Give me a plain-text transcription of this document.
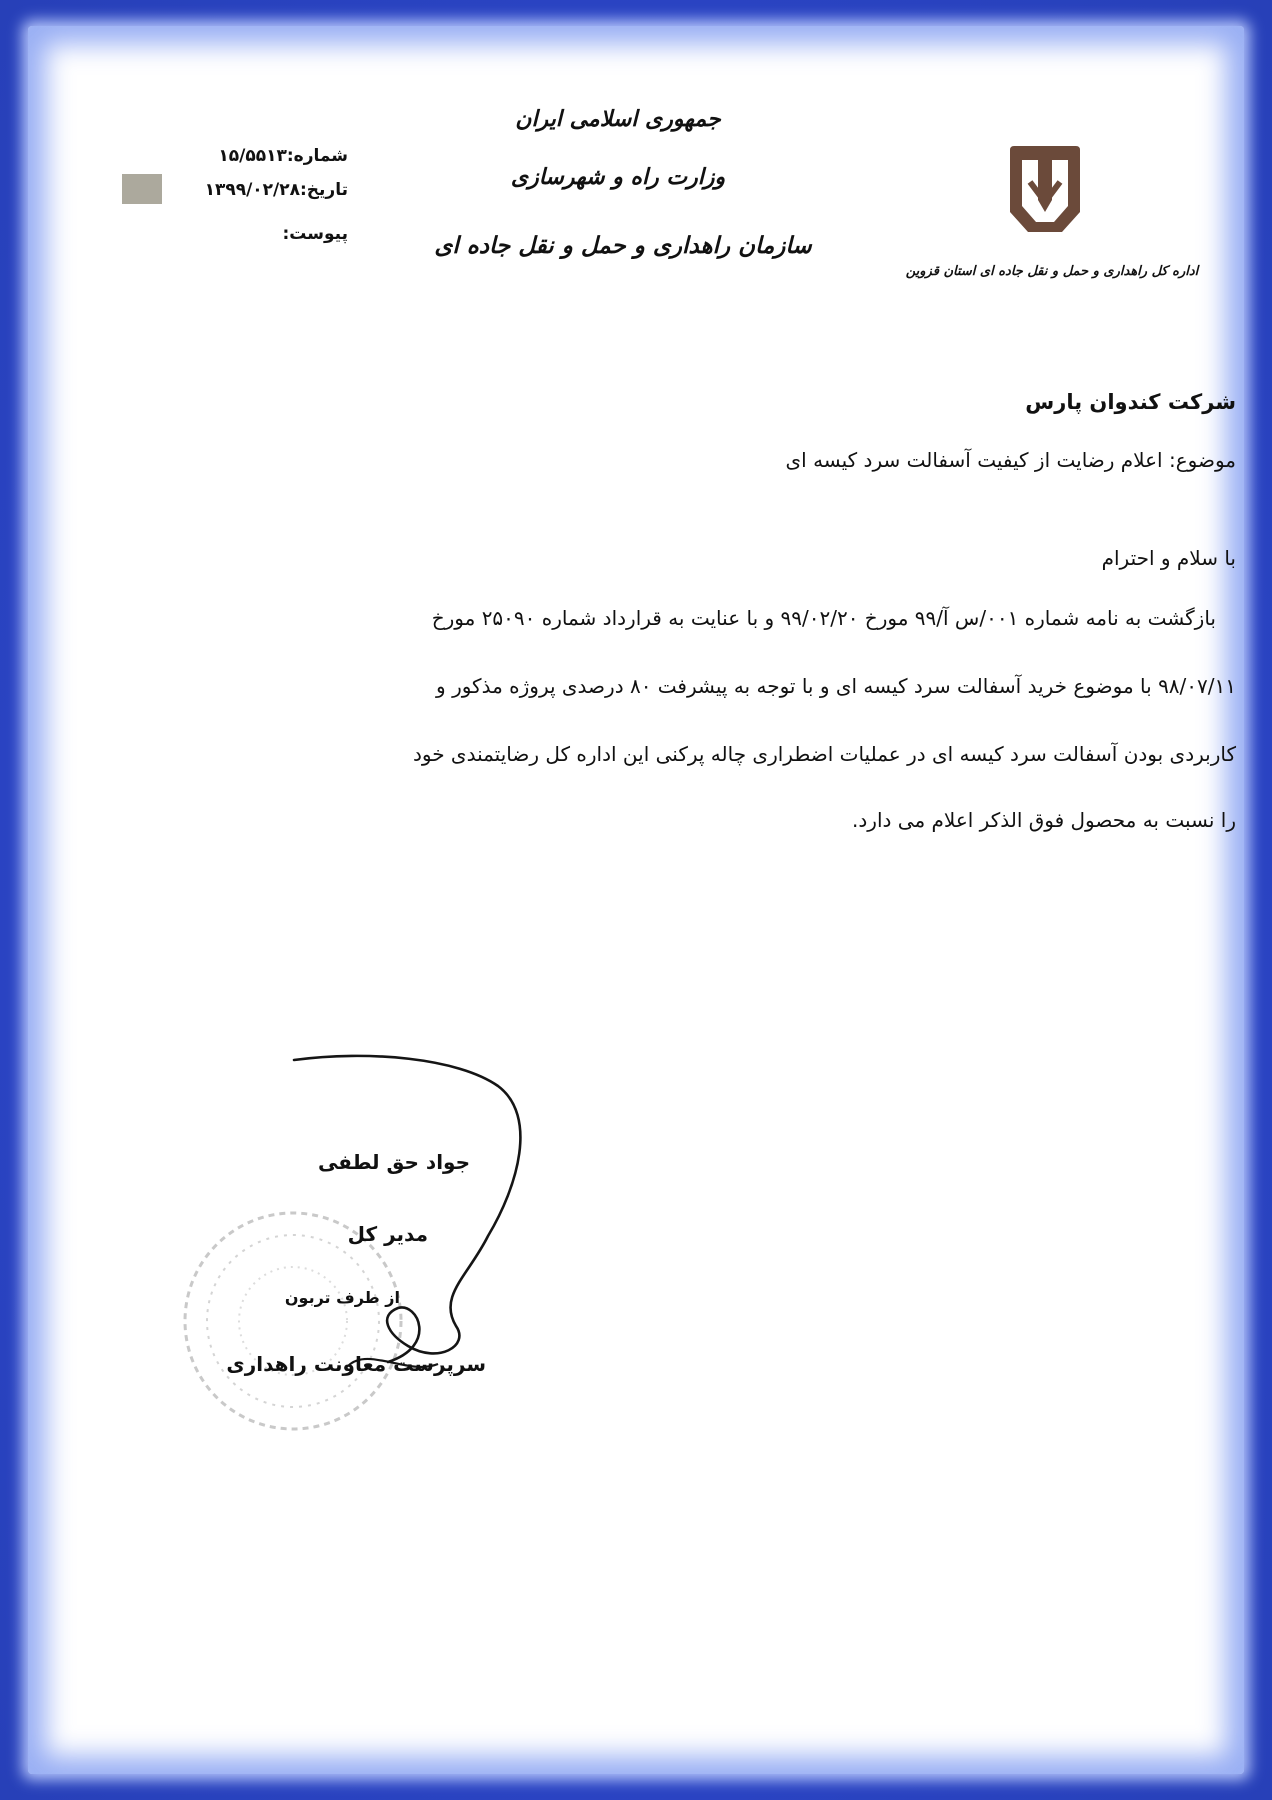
اداره کل راهداری و حمل و نقل جاده ای استان قزوین
جمهوری اسلامی ایران
وزارت راه و شهرسازی
سازمان راهداری و حمل و نقل جاده ای
شماره:۱۵/۵۵۱۳
تاریخ:۱۳۹۹/۰۲/۲۸
پیوست:
شرکت کندوان پارس
موضوع: اعلام رضایت از کیفیت آسفالت سرد کیسه ای
با سلام و احترام
بازگشت به نامه شماره ۰۰۱/س آ/۹۹ مورخ ۹۹/۰۲/۲۰ و با عنایت به قرارداد شماره ۲۵۰۹۰ مورخ
۹۸/۰۷/۱۱ با موضوع خرید آسفالت سرد کیسه ای و با توجه به پیشرفت ۸۰ درصدی پروژه مذکور و
کاربردی بودن آسفالت سرد کیسه ای در عملیات اضطراری چاله پرکنی این اداره کل رضایتمندی خود
را نسبت به محصول فوق الذکر اعلام می دارد.
جواد حق لطفی
مدیر کل
از طرف تربون
سرپرست معاونت راهداری
